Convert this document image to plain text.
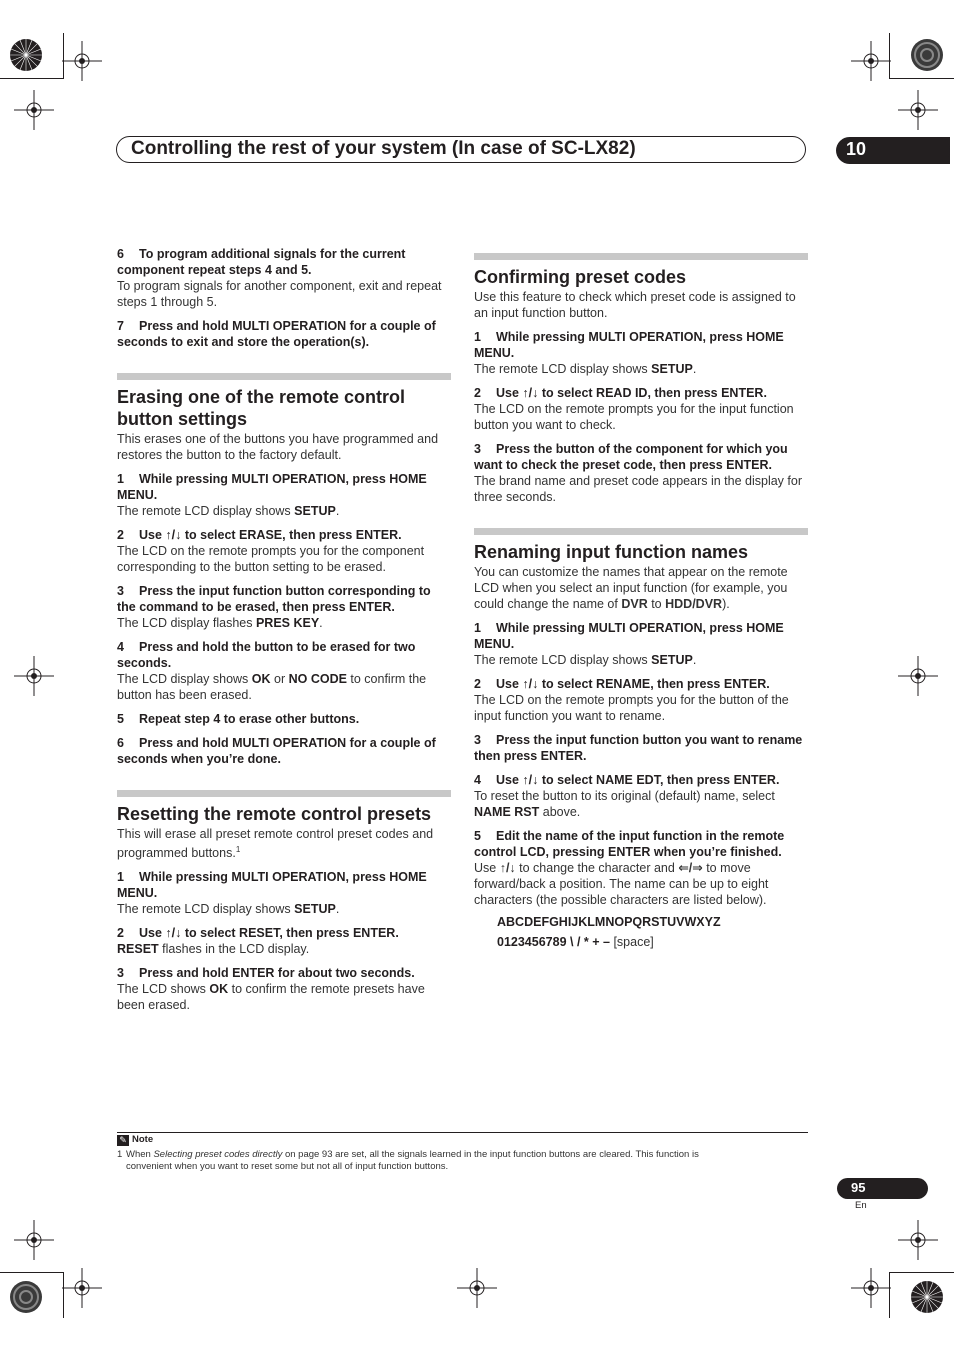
Controlling the rest of your system (In case of SC-LX82)	10
6 To program additional signals for the current component repeat steps 4 and 5.
To program signals for another component, exit and repeat steps 1 through 5.
7 Press and hold MULTI OPERATION for a couple of seconds to exit and store the operation(s).
Erasing one of the remote control button settings
This erases one of the buttons you have programmed and restores the button to the factory default.
1 While pressing MULTI OPERATION, press HOME MENU.
The remote LCD display shows SETUP.
2 Use ↑/↓ to select ERASE, then press ENTER.
The LCD on the remote prompts you for the component corresponding to the button setting to be erased.
3 Press the input function button corresponding to the command to be erased, then press ENTER.
The LCD display flashes PRES KEY.
4 Press and hold the button to be erased for two seconds.
The LCD display shows OK or NO CODE to confirm the button has been erased.
5 Repeat step 4 to erase other buttons.
6 Press and hold MULTI OPERATION for a couple of seconds when you’re done.
Resetting the remote control presets
This will erase all preset remote control preset codes and programmed buttons.$^1$
1 While pressing MULTI OPERATION, press HOME MENU.
The remote LCD display shows SETUP.
2 Use ↑/↓ to select RESET, then press ENTER.
RESET flashes in the LCD display.
3 Press and hold ENTER for about two seconds.
The LCD shows OK to confirm the remote presets have been erased.
Confirming preset codes
Use this feature to check which preset code is assigned to an input function button.
1 While pressing MULTI OPERATION, press HOME MENU.
The remote LCD display shows SETUP.
2 Use ↑/↓ to select READ ID, then press ENTER.
The LCD on the remote prompts you for the input function button you want to check.
3 Press the button of the component for which you want to check the preset code, then press ENTER.
The brand name and preset code appears in the display for three seconds.
Renaming input function names
You can customize the names that appear on the remote LCD when you select an input function (for example, you could change the name of DVR to HDD/DVR).
1 While pressing MULTI OPERATION, press HOME MENU.
The remote LCD display shows SETUP.
2 Use ↑/↓ to select RENAME, then press ENTER.
The LCD on the remote prompts you for the button of the input function you want to rename.
3 Press the input function button you want to rename then press ENTER.
4 Use ↑/↓ to select NAME EDT, then press ENTER.
To reset the button to its original (default) name, select NAME RST above.
5 Edit the name of the input function in the remote control LCD, pressing ENTER when you’re finished.
Use ↑/↓ to change the character and ⇐/⇒ to move forward/back a position. The name can be up to eight characters (the possible characters are listed below).
ABCDEFGHIJKLMNOPQRSTUVWXYZ
0123456789 \ / * + – [space]
✎ Note
1 When Selecting preset codes directly on page 93 are set, all the signals learned in the input function buttons are cleared. This function is
convenient when you want to reset some but not all of input function buttons.
95
En
